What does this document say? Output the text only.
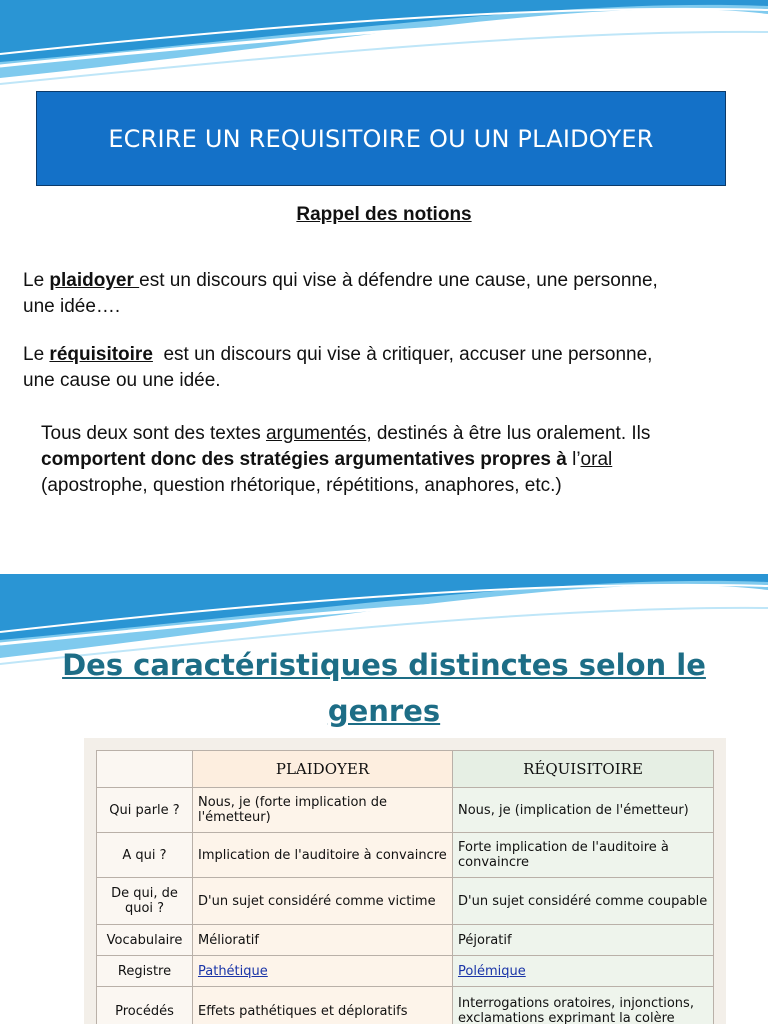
ECRIRE UN REQUISITOIRE OU UN PLAIDOYER
Rappel des notions
Le plaidoyer est un discours qui vise à défendre une cause, une personne,
une idée….
Le réquisitoire  est un discours qui vise à critiquer, accuser une personne,
une cause ou une idée.
Tous deux sont des textes argumentés, destinés à être lus oralement. Ils
comportent donc des stratégies argumentatives propres à l’oral
(apostrophe, question rhétorique, répétitions, anaphores, etc.)
Des caractéristiques distinctes selon le
genres
	PLAIDOYER	RÉQUISITOIRE
Qui parle ?	Nous, je (forte implication de l'émetteur)	Nous, je (implication de l'émetteur)
A qui ?	Implication de l'auditoire à convaincre	Forte implication de l'auditoire à convaincre
De qui, de quoi ?	D'un sujet considéré comme victime	D'un sujet considéré comme coupable
Vocabulaire	Mélioratif	Péjoratif
Registre	Pathétique	Polémique
Procédés	Effets pathétiques et déploratifs	Interrogations oratoires, injonctions, exclamations exprimant la colère
